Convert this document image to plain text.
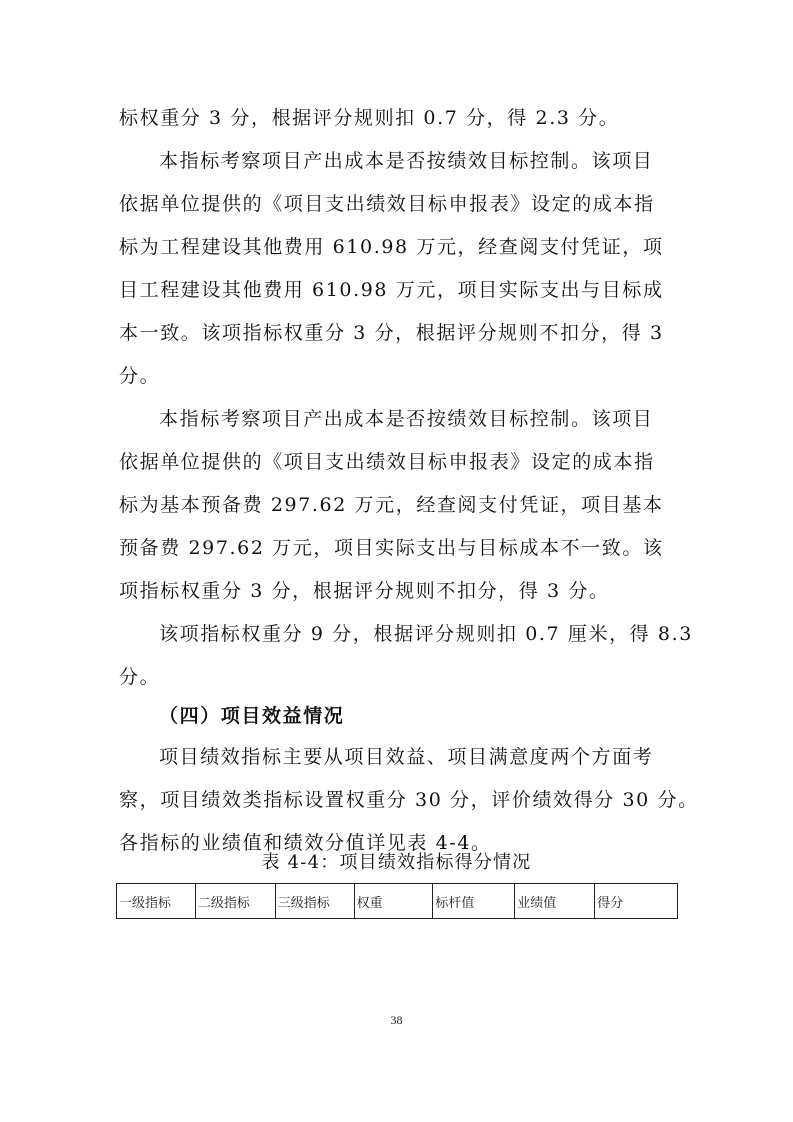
标权重分 3 分，根据评分规则扣 0.7 分，得 2.3 分。

本指标考察项目产出成本是否按绩效目标控制。该项目

依据单位提供的《项目支出绩效目标申报表》设定的成本指

标为工程建设其他费用 610.98 万元，经查阅支付凭证，项

目工程建设其他费用 610.98 万元，项目实际支出与目标成

本一致。该项指标权重分 3 分，根据评分规则不扣分，得 3

分。

本指标考察项目产出成本是否按绩效目标控制。该项目

依据单位提供的《项目支出绩效目标申报表》设定的成本指

标为基本预备费 297.62 万元，经查阅支付凭证，项目基本

预备费 297.62 万元，项目实际支出与目标成本不一致。该

项指标权重分 3 分，根据评分规则不扣分，得 3 分。

该项指标权重分 9 分，根据评分规则扣 0.7 厘米，得 8.3

分。

（四）项目效益情况

项目绩效指标主要从项目效益、项目满意度两个方面考

察，项目绩效类指标设置权重分 30 分，评价绩效得分 30 分。

各指标的业绩值和绩效分值详见表 4-4。

表 4-4：项目绩效指标得分情况

一级指标	二级指标	三级指标	权重	标杆值	业绩值	得分
38
